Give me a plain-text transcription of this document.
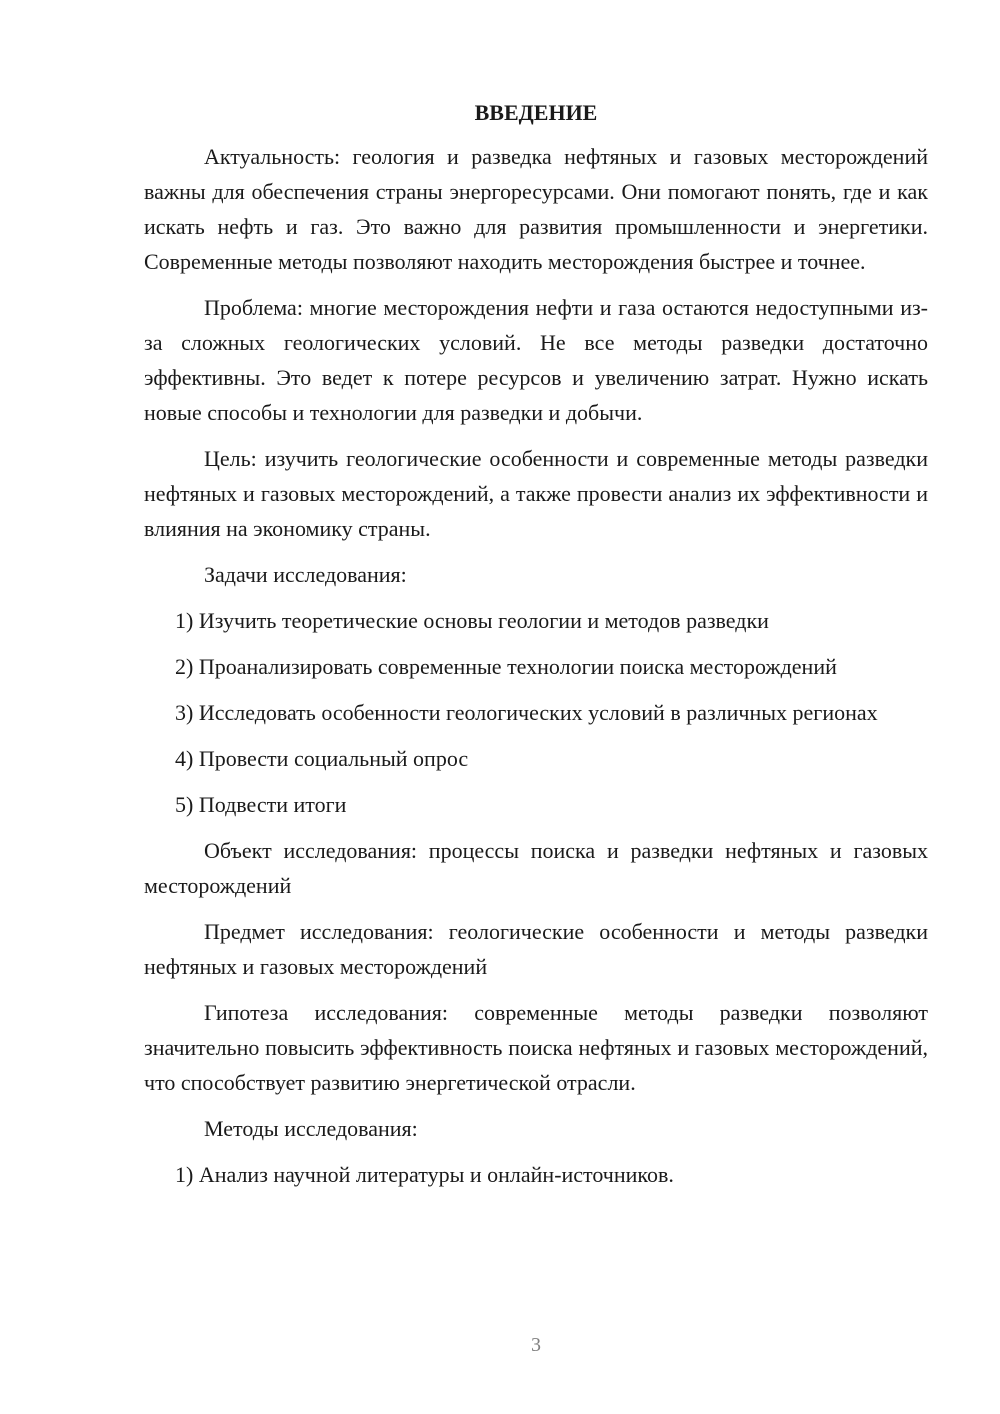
ВВЕДЕНИЕ

Актуальность: геология и разведка нефтяных и газовых месторождений важны для обеспечения страны энергоресурсами. Они помогают понять, где и как искать нефть и газ. Это важно для развития промышленности и энергетики. Современные методы позволяют находить месторождения быстрее и точнее.

Проблема: многие месторождения нефти и газа остаются недоступными из-за сложных геологических условий. Не все методы разведки достаточно эффективны. Это ведет к потере ресурсов и увеличению затрат. Нужно искать новые способы и технологии для разведки и добычи.

Цель: изучить геологические особенности и современные методы разведки нефтяных и газовых месторождений, а также провести анализ их эффективности и влияния на экономику страны.

Задачи исследования:

1) Изучить теоретические основы геологии и методов разведки

2) Проанализировать современные технологии поиска месторождений

3) Исследовать особенности геологических условий в различных регионах

4) Провести социальный опрос

5) Подвести итоги

Объект исследования: процессы поиска и разведки нефтяных и газовых месторождений

Предмет исследования: геологические особенности и методы разведки нефтяных и газовых месторождений

Гипотеза исследования: современные методы разведки позволяют значительно повысить эффективность поиска нефтяных и газовых месторождений, что способствует развитию энергетической отрасли.

Методы исследования:

1) Анализ научной литературы и онлайн-источников.

3
